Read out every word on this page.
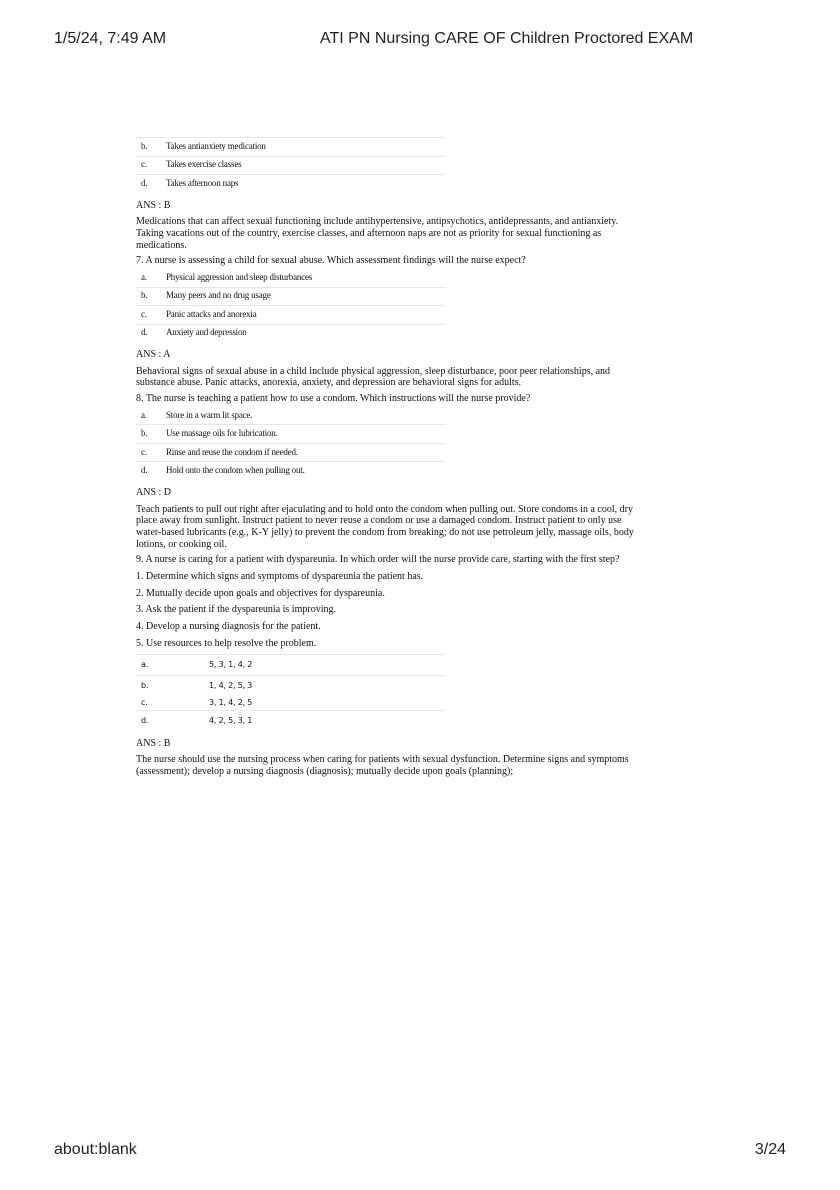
1/5/24, 7:49 AM	ATI PN Nursing CARE OF Children Proctored EXAM
b.	Takes antianxiety medication
c.	Takes exercise classes
d.	Takes afternoon naps
ANS : B
Medications that can affect sexual functioning include antihypertensive, antipsychotics, antidepressants, and antianxiety. Taking vacations out of the country, exercise classes, and afternoon naps are not as priority for sexual functioning as medications.
7. A nurse is assessing a child for sexual abuse. Which assessment findings will the nurse expect?
a.	Physical aggression and sleep disturbances
b.	Many peers and no drug usage
c.	Panic attacks and anorexia
d.	Anxiety and depression
ANS : A
Behavioral signs of sexual abuse in a child include physical aggression, sleep disturbance, poor peer relationships, and substance abuse. Panic attacks, anorexia, anxiety, and depression are behavioral signs for adults.
8. The nurse is teaching a patient how to use a condom. Which instructions will the nurse provide?
a.	Store in a warm lit space.
b.	Use massage oils for lubrication.
c.	Rinse and reuse the condom if needed.
d.	Hold onto the condom when pulling out.
ANS : D
Teach patients to pull out right after ejaculating and to hold onto the condom when pulling out. Store condoms in a cool, dry place away from sunlight. Instruct patient to never reuse a condom or use a damaged condom. Instruct patient to only use water-based lubricants (e.g., K-Y jelly) to prevent the condom from breaking; do not use petroleum jelly, massage oils, body lotions, or cooking oil.
9. A nurse is caring for a patient with dyspareunia. In which order will the nurse provide care, starting with the first step?
1. Determine which signs and symptoms of dyspareunia the patient has.
2. Mutually decide upon goals and objectives for dyspareunia.
3. Ask the patient if the dyspareunia is improving.
4. Develop a nursing diagnosis for the patient.
5. Use resources to help resolve the problem.
a.	5, 3, 1, 4, 2
b.	1, 4, 2, 5, 3
c.	3, 1, 4, 2, 5
d.	4, 2, 5, 3, 1
ANS : B
The nurse should use the nursing process when caring for patients with sexual dysfunction. Determine signs and symptoms (assessment); develop a nursing diagnosis (diagnosis); mutually decide upon goals (planning);
about:blank	3/24
